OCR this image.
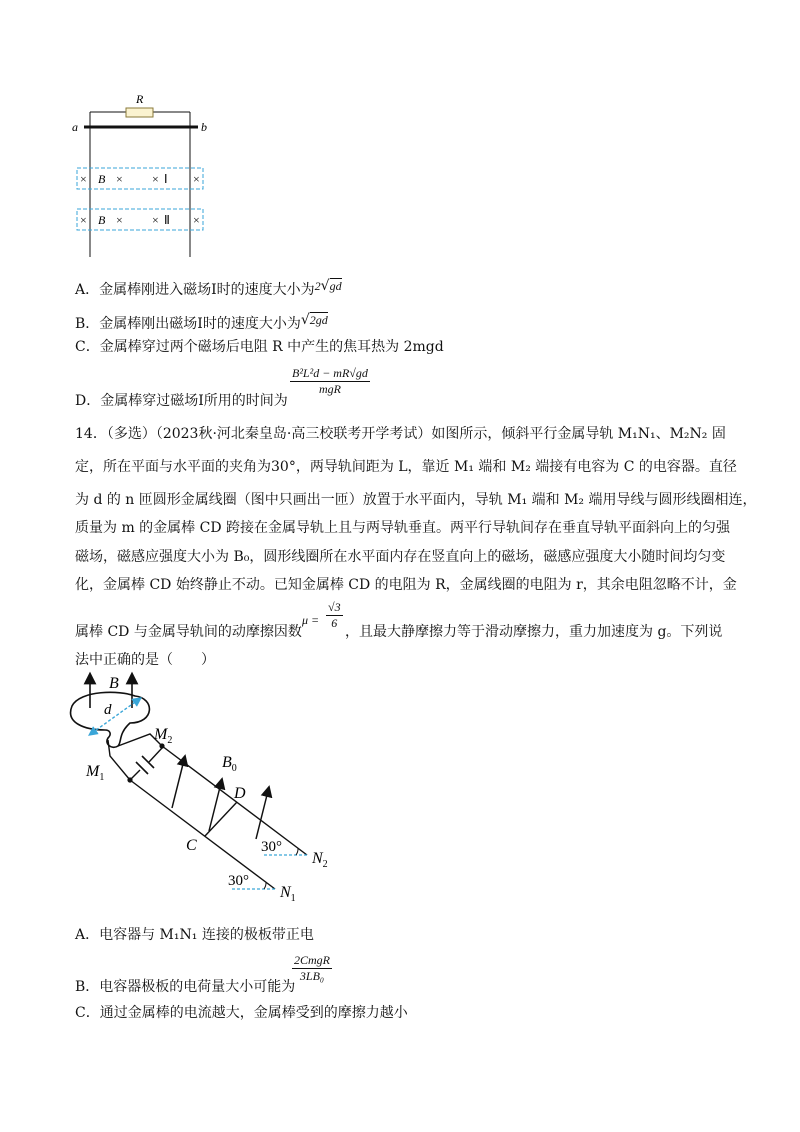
R
a	b
× B × × Ⅰ ×
× B × × Ⅱ ×
A．金属棒刚进入磁场Ⅰ时的速度大小为2√gd
B．金属棒刚出磁场Ⅰ时的速度大小为√2gd
C．金属棒穿过两个磁场后电阻 R 中产生的焦耳热为 2mgd
D．金属棒穿过磁场Ⅰ所用的时间为
B²L²d − mR√gd
mgR
14．（多选）（2023秋·河北秦皇岛·高三校联考开学考试）如图所示，倾斜平行金属导轨 M₁N₁、M₂N₂ 固
定，所在平面与水平面的夹角为30°，两导轨间距为 L，靠近 M₁ 端和 M₂ 端接有电容为 C 的电容器。直径
为 d 的 n 匝圆形金属线圈（图中只画出一匝）放置于水平面内，导轨 M₁ 端和 M₂ 端用导线与圆形线圈相连，
质量为 m 的金属棒 CD 跨接在金属导轨上且与两导轨垂直。两平行导轨间存在垂直导轨平面斜向上的匀强
磁场，磁感应强度大小为 B₀，圆形线圈所在水平面内存在竖直向上的磁场，磁感应强度大小随时间均匀变
化，金属棒 CD 始终静止不动。已知金属棒 CD 的电阻为 R，金属线圈的电阻为 r，其余电阻忽略不计，金
属棒 CD 与金属导轨间的动摩擦因数
$\mu = \frac{√3}{6}$
，且最大静摩擦力等于滑动摩擦力，重力加速度为 g。下列说
法中正确的是（　　）
B
d
$M_2$
$M_1$
$B_0$
D
C	30°
$N_2$
30°
$N_1$
A．电容器与 M₁N₁ 连接的极板带正电
B．电容器极板的电荷量大小可能为
2CmgR
3LB₀
C．通过金属棒的电流越大，金属棒受到的摩擦力越小
